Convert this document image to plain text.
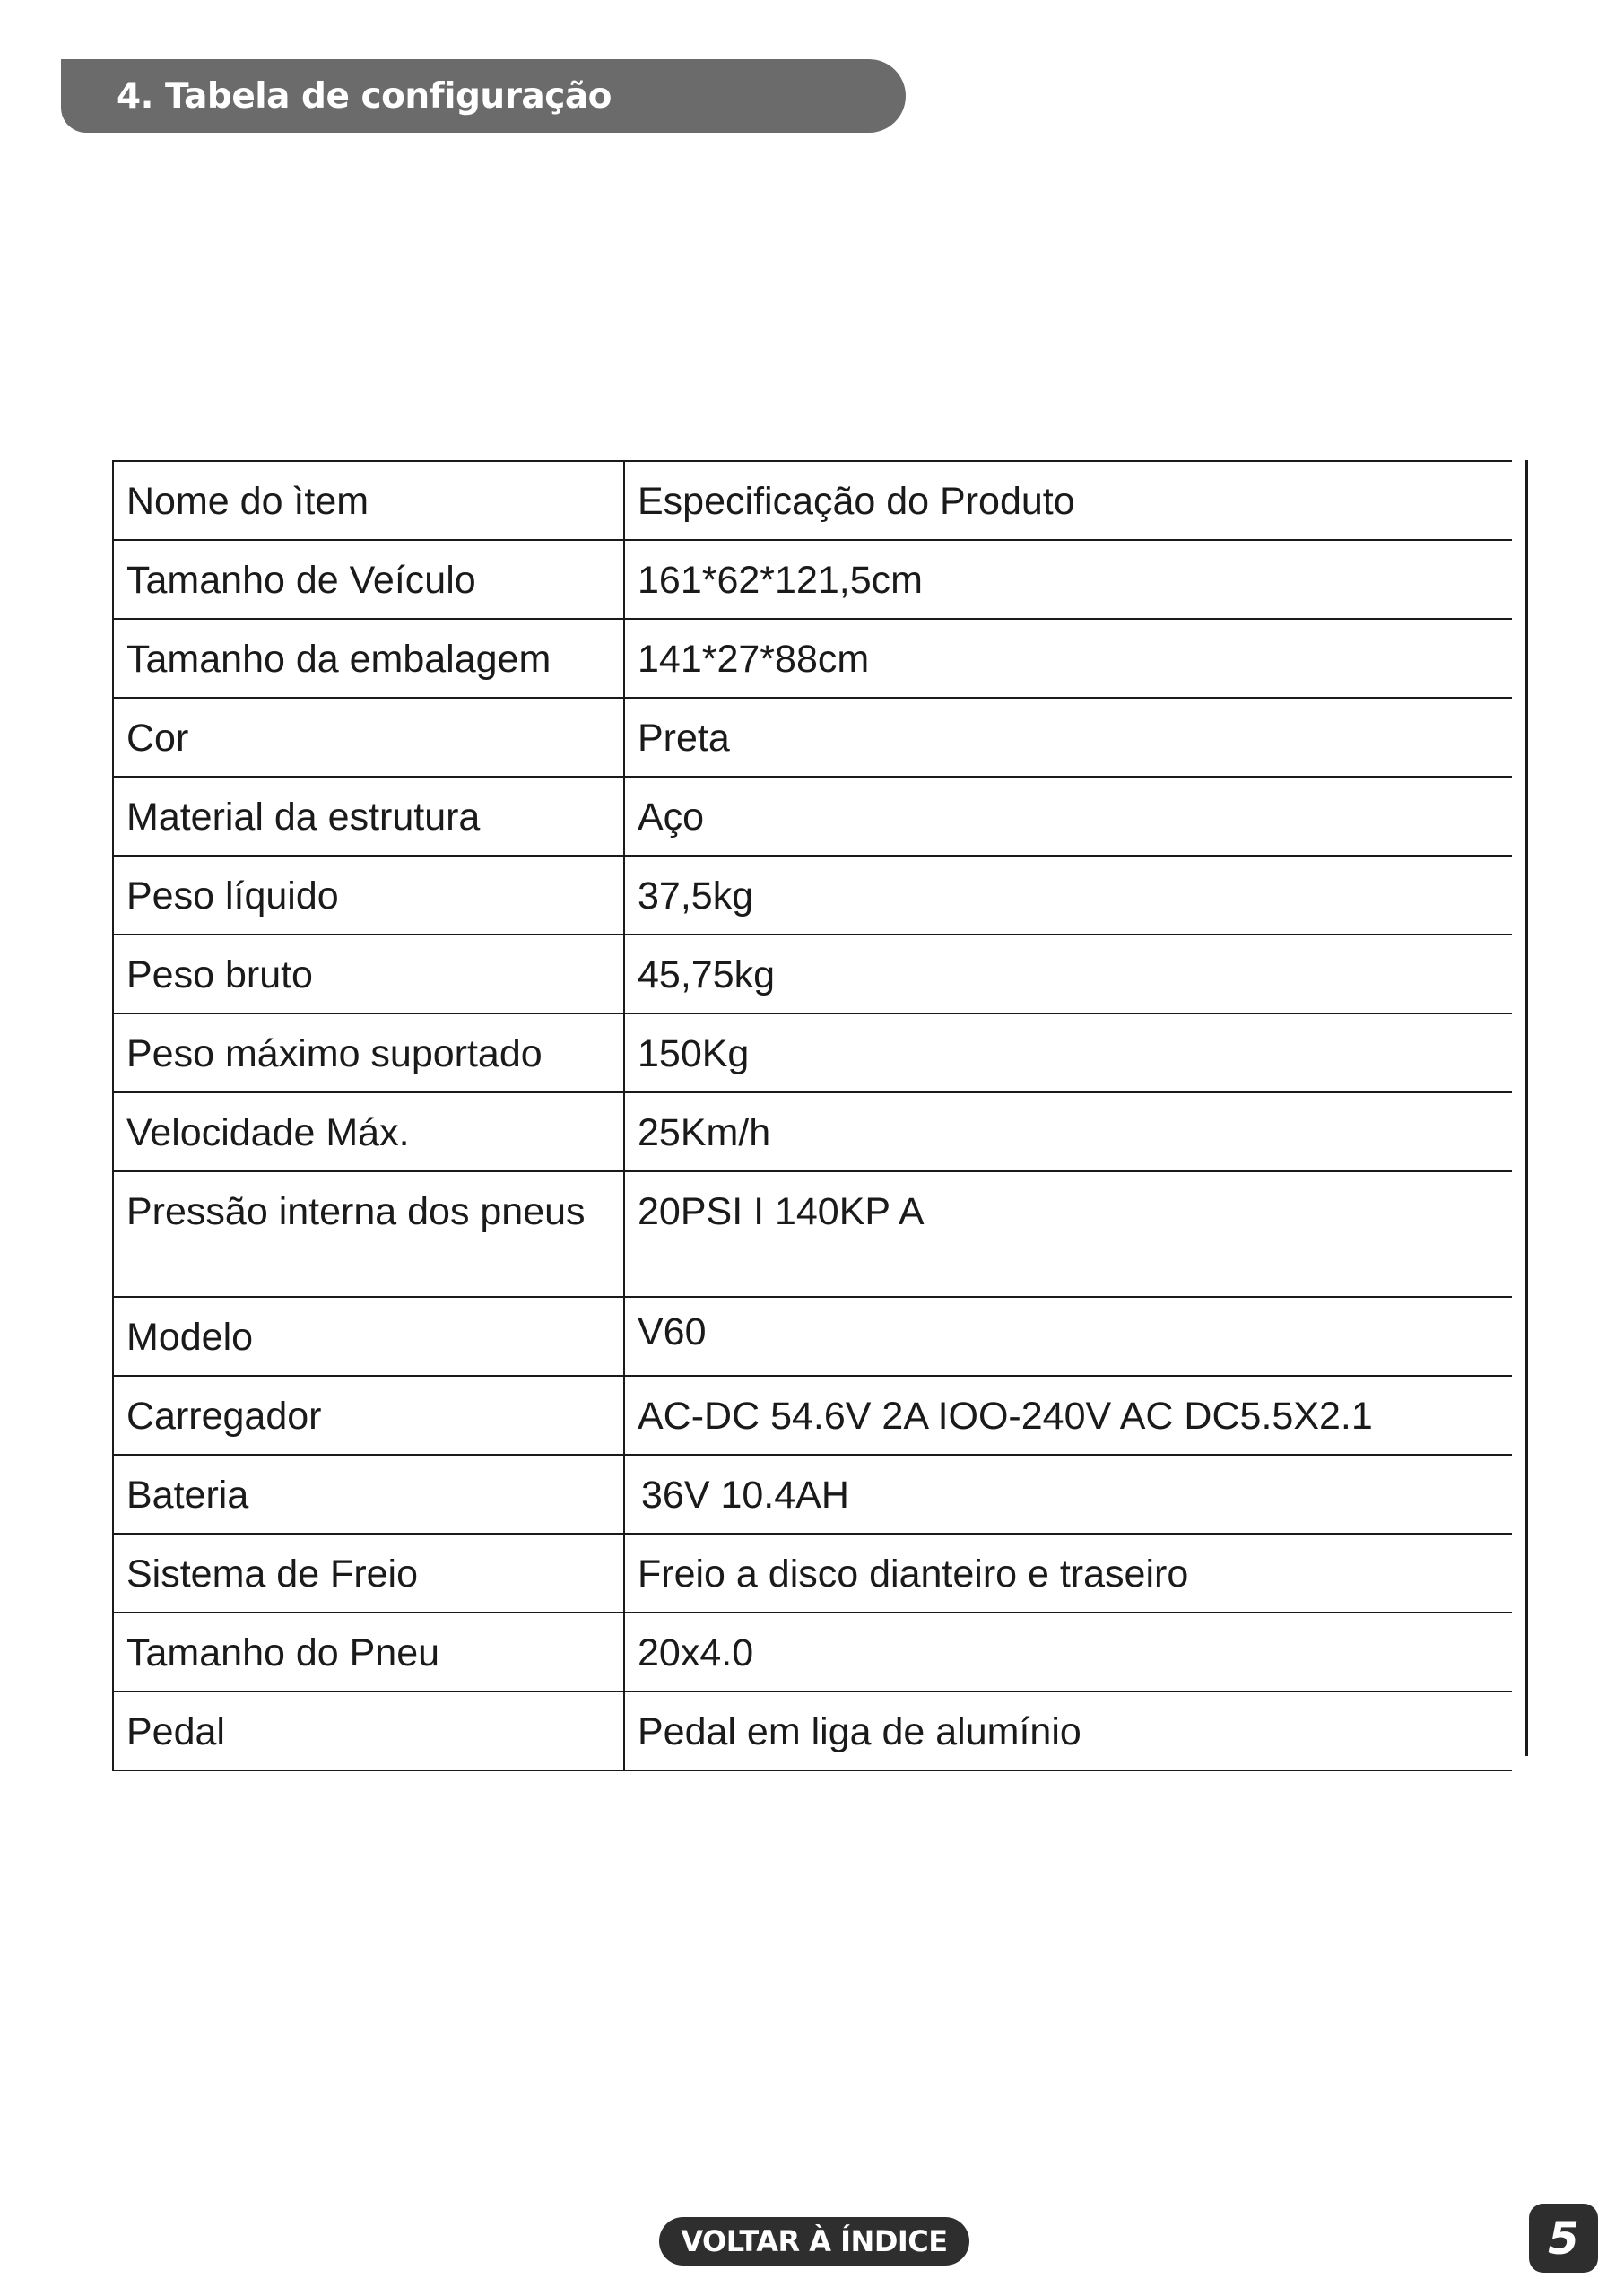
4. Tabela de configuração
Nome do ìtem	Especificação do Produto
Tamanho de Veículo	161*62*121,5cm
Tamanho da embalagem	141*27*88cm
Cor	Preta
Material da estrutura	Aço
Peso líquido	37,5kg
Peso bruto	45,75kg
Peso máximo suportado	150Kg
Velocidade Máx.	25Km/h
Pressão interna dos pneus	20PSI I 140KP A
Modelo	V60
Carregador	AC-DC 54.6V 2A IOO-240V AC DC5.5X2.1
Bateria	36V 10.4AH
Sistema de Freio	Freio a disco dianteiro e traseiro
Tamanho do Pneu	20x4.0
Pedal	Pedal em liga de alumínio
VOLTAR À ÍNDICE	5
